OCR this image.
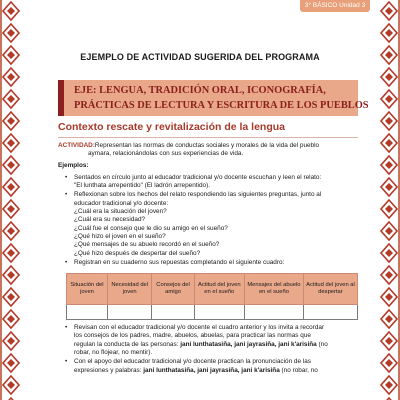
3° BÁSICO Unidad 3
EJEMPLO DE ACTIVIDAD SUGERIDA DEL PROGRAMA
EJE: LENGUA, TRADICIÓN ORAL, ICONOGRAFÍA,
PRÁCTICAS DE LECTURA Y ESCRITURA DE LOS PUEBLOS
Contexto rescate y revitalización de la lengua
ACTIVIDAD:Representan las normas de conductas sociales y morales de la vida del pueblo
aymara, relacionándolas con sus experiencias de vida.
Ejemplos:
• Sentados en círculo junto al educador tradicional y/o docente escuchan y leen el relato:
"El lunthata arrepentido" (El ladrón arrepentido).
• Reflexionan sobre los hechos del relato respondiendo las siguientes preguntas, junto al
educador tradicional y/o docente:
¿Cuál era la situación del joven?
¿Cuál era su necesidad?
¿Cuál fue el consejo que le dio su amigo en el sueño?
¿Qué hizo el joven en el sueño?
¿Qué mensajes de su abuelo recordó en el sueño?
¿Qué hizo después de despertar del sueño?
• Registran en su cuaderno sus repuestas completando el siguiente cuadro:
Situación del joven	Necesidad del joven	Consejos del amigo	Actitud del joven en el sueño	Mensajes del abuelo en el sueño	Actitud del joven al despertar

• Revisan con el educador tradicional y/o docente el cuadro anterior y los invita a recordar
los consejos de los padres, madre, abuelos, abuelas, para practicar las normas que
regulan la conducta de las personas: jani lunthatasiña, jani jayrasiña, jani k'arisiña (no
robar, no flojear, no mentir).
• Con el apoyo del educador tradicional y/o docente practican la pronunciación de las
expresiones y palabras: jani lunthatasiña, jani jayrasiña, jani k'arisiña (no robar, no
